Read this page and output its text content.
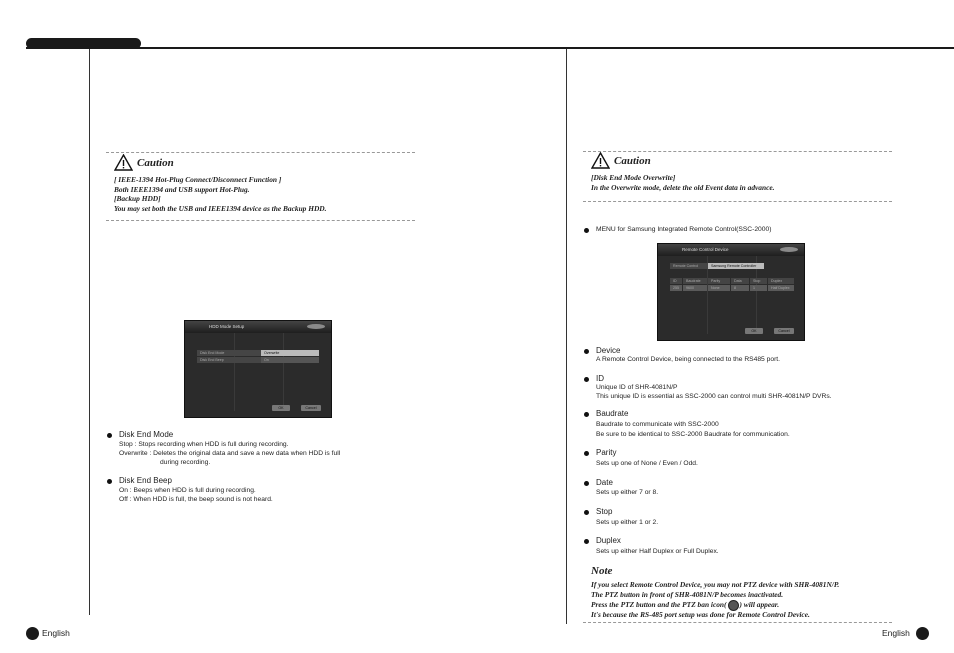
Caution
[ IEEE-1394 Hot-Plug Connect/Disconnect Function ]
Both IEEE1394 and USB support Hot-Plug.
[Backup HDD]
You may set both the USB and IEEE1394 device as the Backup HDD.
HDD Mode Setup
Disk End Mode	Overwrite
Disk End Beep	On
OK	Cancel
Disk End Mode
Stop : Stops recording when HDD is full during recording.
Overwrite : Deletes the original data and save a new data when HDD is full
during recording.
Disk End Beep
On : Beeps when HDD is full during recording.
Off : When HDD is full, the beep sound is not heard.
English
Caution
[Disk End Mode Overwrite]
In the Overwrite mode, delete the old Event data in advance.
MENU for Samsung Integrated Remote Control(SSC-2000)
Remote Control Device
Remote Control	Samsung Remote Controller
ID	Baudrate	Parity	Data	Stop	Duplex
255	9600	None	8	1	Half Duplex
OK	Cancel
Device
A Remote Control Device, being connected to the RS485 port.
ID
Unique ID of SHR-4081N/P
This unique ID is essential as SSC-2000 can control multi SHR-4081N/P DVRs.
Baudrate
Baudrate to communicate with SSC-2000
Be sure to be identical to SSC-2000 Baudrate for communication.
Parity
Sets up one of None / Even / Odd.
Date
Sets up either 7 or 8.
Stop
Sets up either 1 or 2.
Duplex
Sets up either Half Duplex or Full Duplex.
Note
If you select Remote Control Device, you may not PTZ device with SHR-4081N/P.
The PTZ button in front of SHR-4081N/P becomes inactivated.
Press the PTZ button and the PTZ ban icon( ) will appear.
It's because the RS-485 port setup was done for Remote Control Device.
English
